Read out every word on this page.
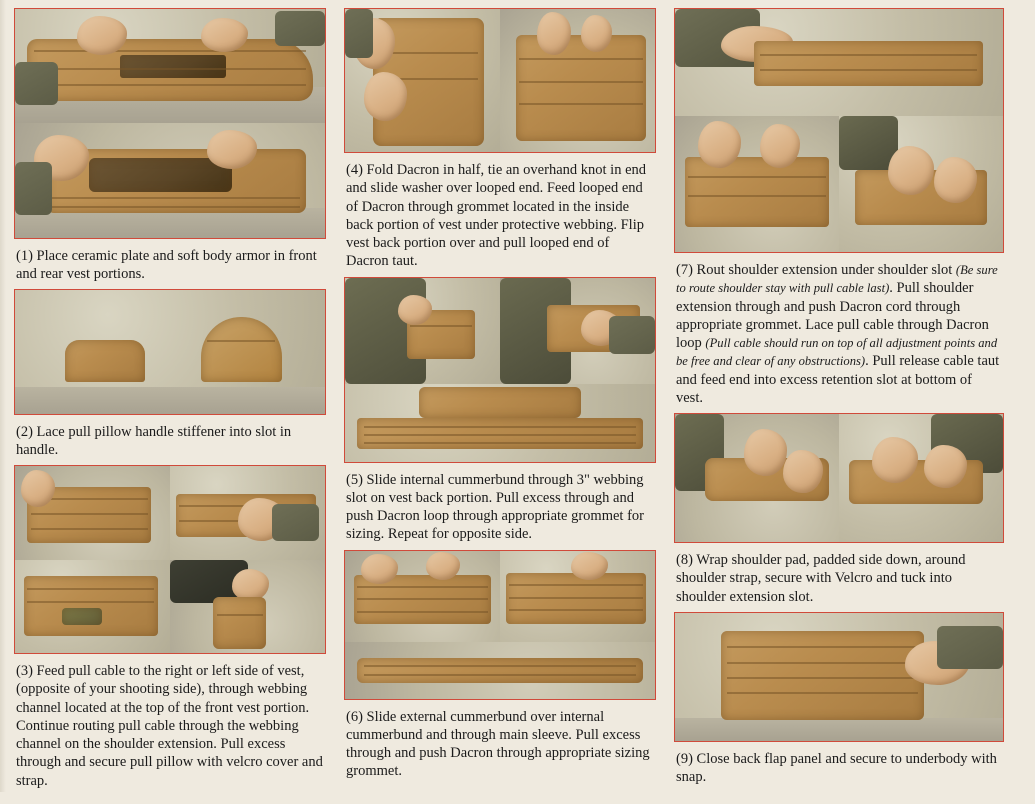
(1) Place ceramic plate and soft body armor in front and rear vest portions.

(2) Lace pull pillow handle stiffener into slot in handle.

(3) Feed pull cable to the right or left side of vest, (opposite of your shooting side), through webbing channel located at the top of the front vest portion. Continue routing pull cable through the webbing channel on the shoulder extension. Pull excess through and secure pull pillow with velcro cover and strap.

(4) Fold Dacron in half, tie an overhand knot in end and slide washer over looped end. Feed looped end of Dacron through grommet located in the inside back portion of vest under protective webbing. Flip vest back portion over and pull looped end of Dacron taut.

(5) Slide internal cummerbund through 3" webbing slot on vest back portion. Pull excess through and push Dacron loop through appropriate grommet for sizing. Repeat for opposite side.

(6) Slide external cummerbund over internal cummerbund and through main sleeve. Pull excess through and push Dacron through appropriate sizing grommet.

(7) Rout shoulder extension under shoulder slot (Be sure to route shoulder stay with pull cable last). Pull shoulder extension through and push Dacron cord through appropriate grommet. Lace pull cable through Dacron loop (Pull cable should run on top of all adjustment points and be free and clear of any obstructions). Pull release cable taut and feed end into excess retention slot at bottom of vest.

(8) Wrap shoulder pad, padded side down, around shoulder strap, secure with Velcro and tuck into shoulder extension slot.

(9) Close back flap panel and secure to underbody with snap.
